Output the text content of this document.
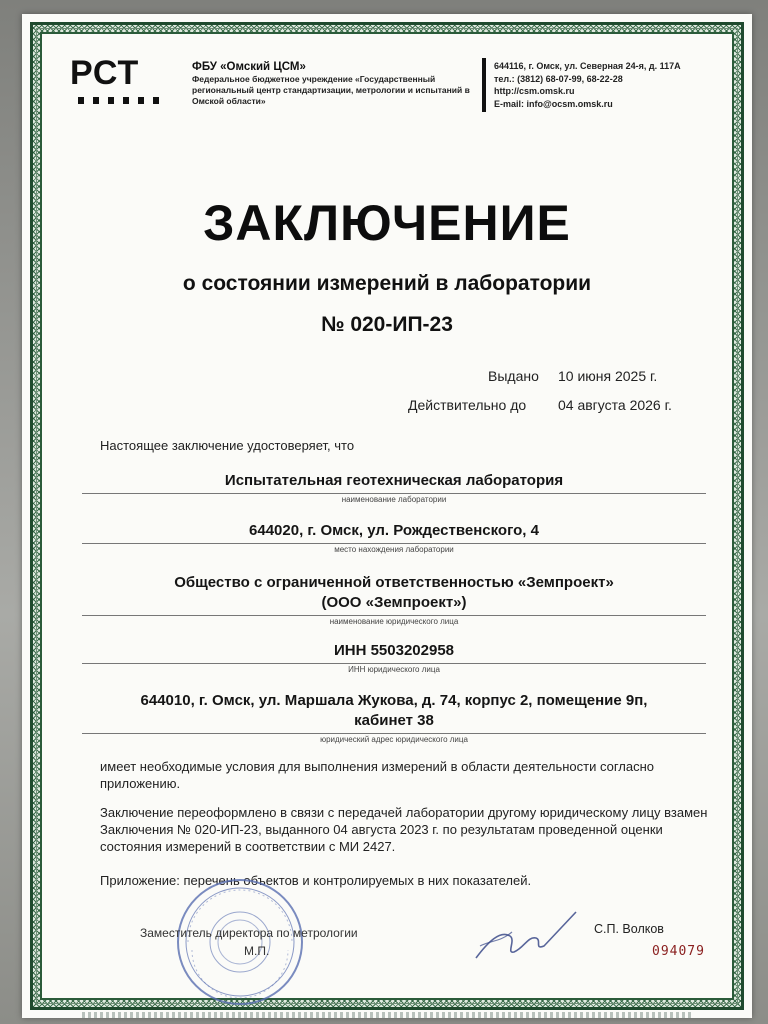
РСТ	ФБУ «Омский ЦСМ»
Федеральное бюджетное учреждение «Государственный региональный центр стандартизации, метрологии и испытаний в Омской области»
644116, г. Омск, ул. Северная 24-я, д. 117А
тел.: (3812) 68-07-99, 68-22-28
http://csm.omsk.ru
E-mail: info@ocsm.omsk.ru
ЗАКЛЮЧЕНИЕ
о состоянии измерений в лаборатории
№ 020-ИП-23
Выдано 10 июня 2025 г.
Действительно до 04 августа 2026 г.
Настоящее заключение удостоверяет, что
Испытательная геотехническая лаборатория
наименование лаборатории
644020, г. Омск, ул. Рождественского, 4
место нахождения лаборатории
Общество с ограниченной ответственностью «Земпроект»
(ООО «Земпроект»)
наименование юридического лица
ИНН 5503202958
ИНН юридического лица
644010, г. Омск, ул. Маршала Жукова, д. 74, корпус 2, помещение 9п,
кабинет 38
юридический адрес юридического лица
имеет необходимые условия для выполнения измерений в области деятельности согласно приложению.
Заключение переоформлено в связи с передачей лаборатории другому юридическому лицу взамен Заключения № 020-ИП-23, выданного 04 августа 2023 г. по результатам проведенной оценки состояния измерений в соответствии с МИ 2427.
Приложение: перечень объектов и контролируемых в них показателей.
Заместитель директора по метрологии
М.П.
С.П. Волков
094079
